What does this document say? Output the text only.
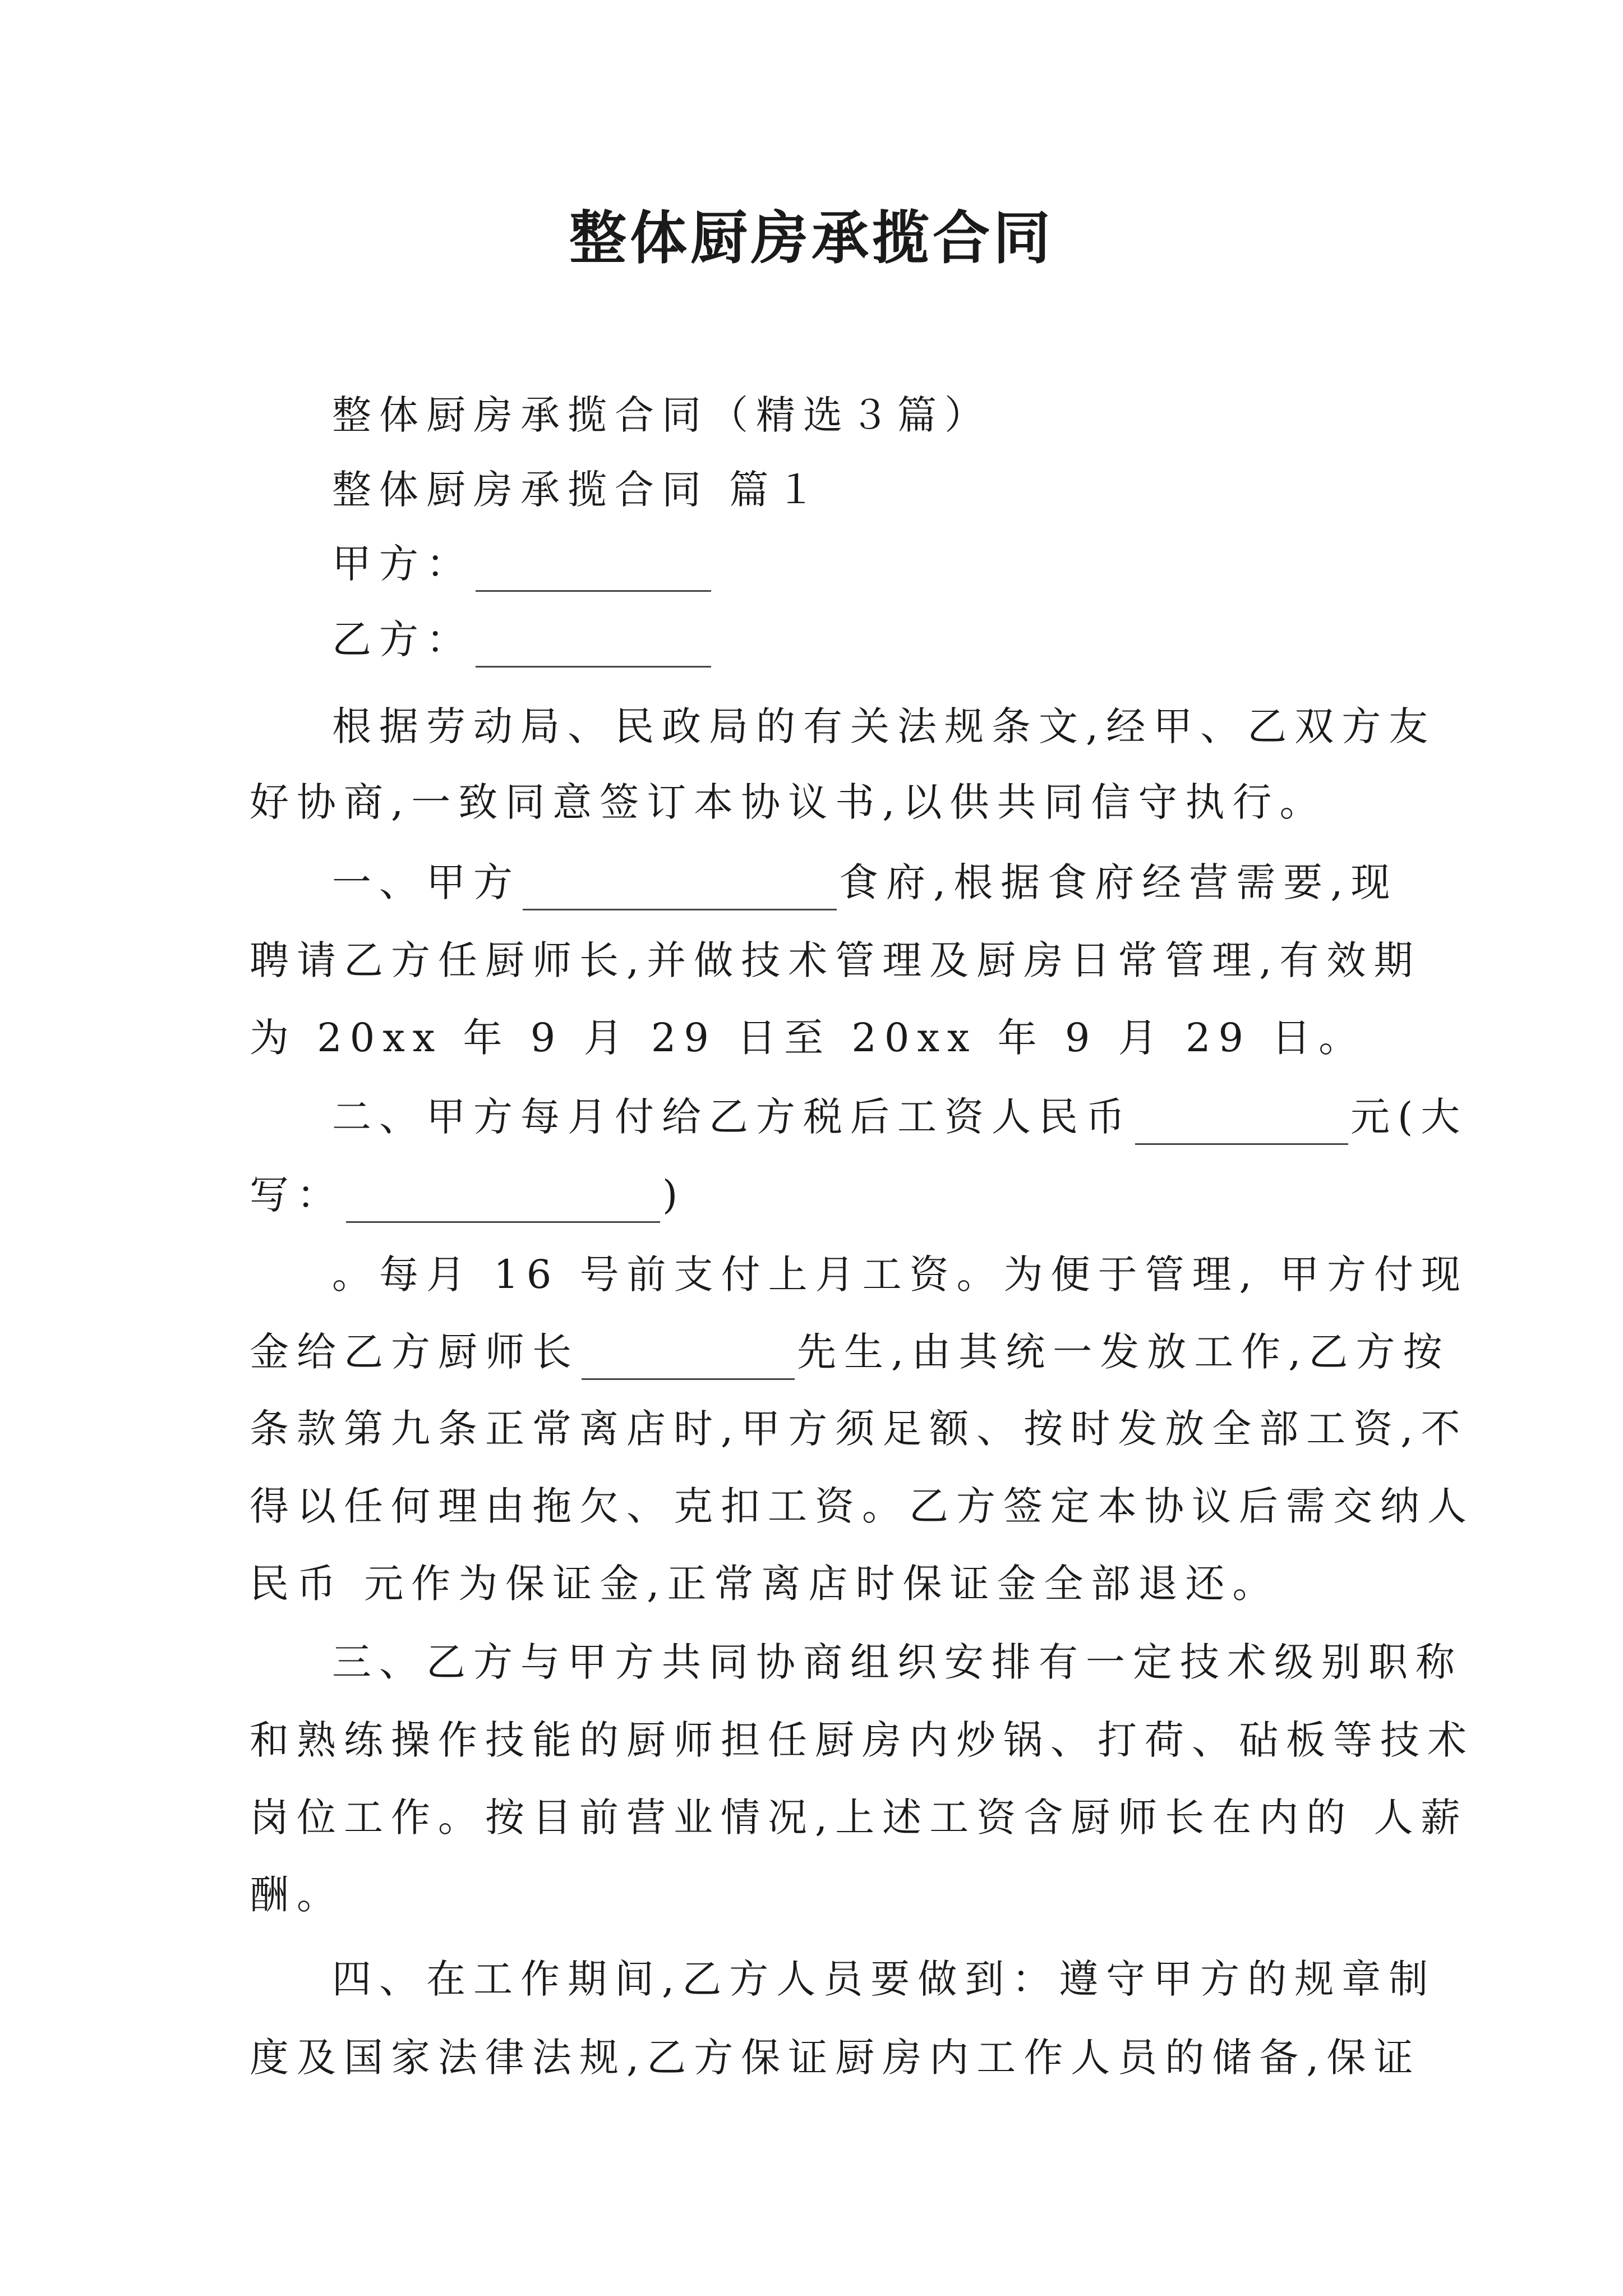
整体厨房承揽合同
整体厨房承揽合同（精选３篇）
整体厨房承揽合同 篇１
甲方：
乙方：
根据劳动局、民政局的有关法规条文,经甲、乙双方友
好协商,一致同意签订本协议书,以供共同信守执行。
一、甲方	食府,根据食府经营需要,现
聘请乙方任厨师长,并做技术管理及厨房日常管理,有效期
为 20xx 年 9 月 29 日至 20xx 年 9 月 29 日。
二、甲方每月付给乙方税后工资人民币	元(大
写：	)
。每月 16 号前支付上月工资。为便于管理, 甲方付现
金给乙方厨师长	先生,由其统一发放工作,乙方按
条款第九条正常离店时,甲方须足额、按时发放全部工资,不
得以任何理由拖欠、克扣工资。乙方签定本协议后需交纳人
民币 元作为保证金,正常离店时保证金全部退还。
三、乙方与甲方共同协商组织安排有一定技术级别职称
和熟练操作技能的厨师担任厨房内炒锅、打荷、砧板等技术
岗位工作。按目前营业情况,上述工资含厨师长在内的 人薪
酬。
四、在工作期间,乙方人员要做到：遵守甲方的规章制
度及国家法律法规,乙方保证厨房内工作人员的储备,保证
